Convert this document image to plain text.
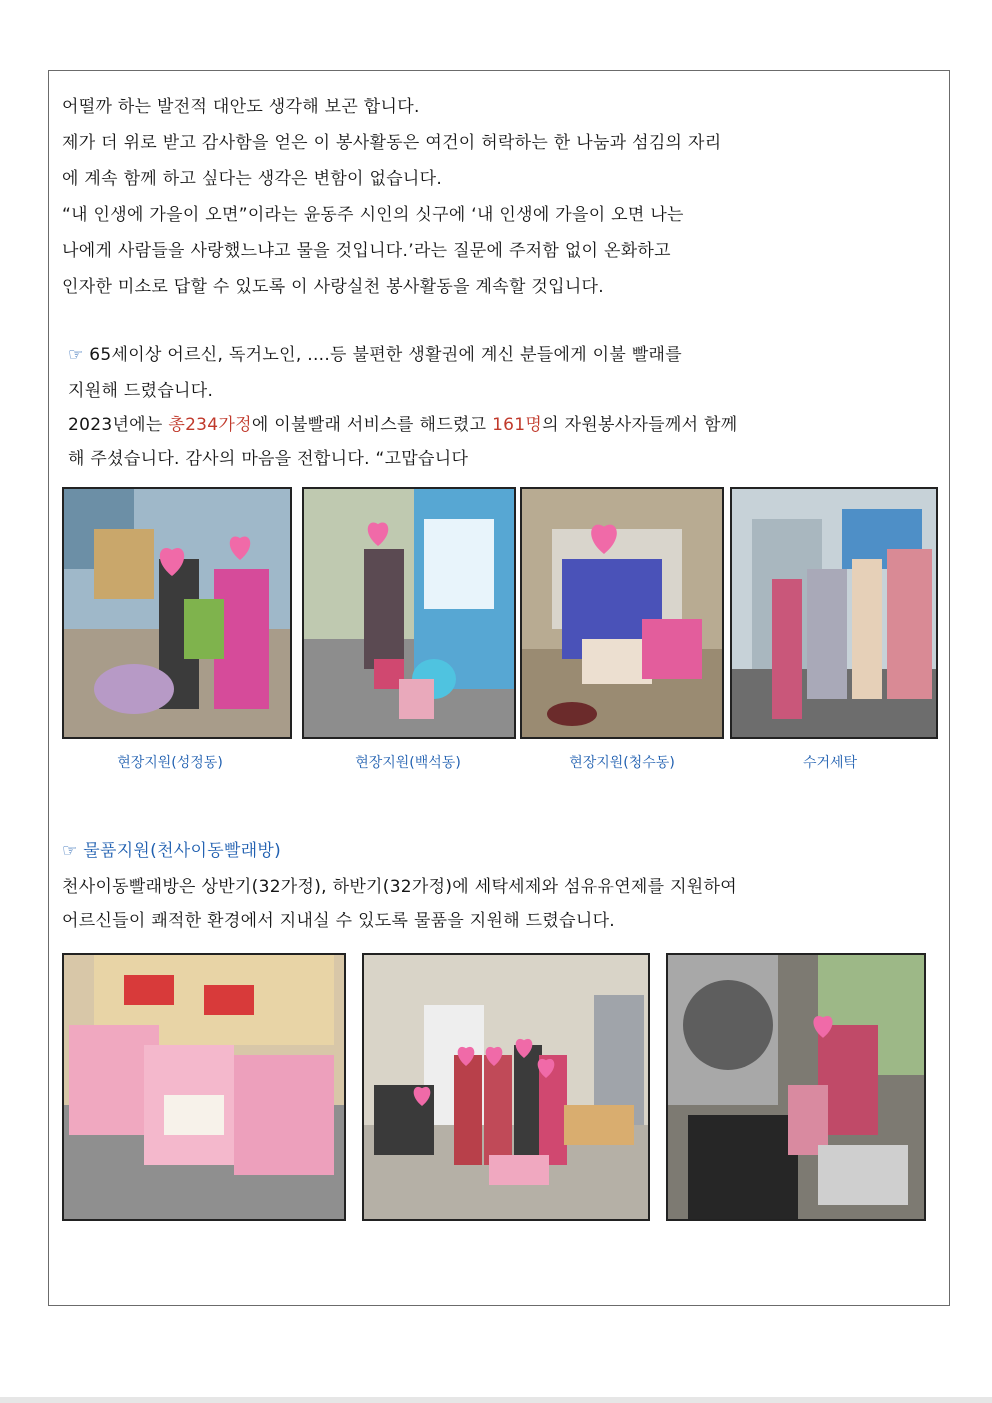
어떨까 하는 발전적 대안도 생각해 보곤 합니다.
제가 더 위로 받고 감사함을 얻은 이 봉사활동은 여건이 허락하는 한 나눔과 섬김의 자리
에 계속 함께 하고 싶다는 생각은 변함이 없습니다.
“내 인생에 가을이 오면”이라는 윤동주 시인의 싯구에 ‘내 인생에 가을이 오면 나는
나에게 사람들을 사랑했느냐고 물을 것입니다.’라는 질문에 주저함 없이 온화하고
인자한 미소로 답할 수 있도록 이 사랑실천 봉사활동을 계속할 것입니다.
☞ 65세이상 어르신, 독거노인, ....등 불편한 생활권에 계신 분들에게 이불 빨래를
지원해 드렸습니다.
2023년에는 총234가정에 이불빨래 서비스를 해드렸고 161명의 자원봉사자들께서 함께
해 주셨습니다. 감사의 마음을 전합니다. “고맙습니다
현장지원(성정동)	현장지원(백석동)	현장지원(청수동)	수거세탁
☞ 물품지원(천사이동빨래방)
천사이동빨래방은 상반기(32가정), 하반기(32가정)에 세탁세제와 섬유유연제를 지원하여
어르신들이 쾌적한 환경에서 지내실 수 있도록 물품을 지원해 드렸습니다.
